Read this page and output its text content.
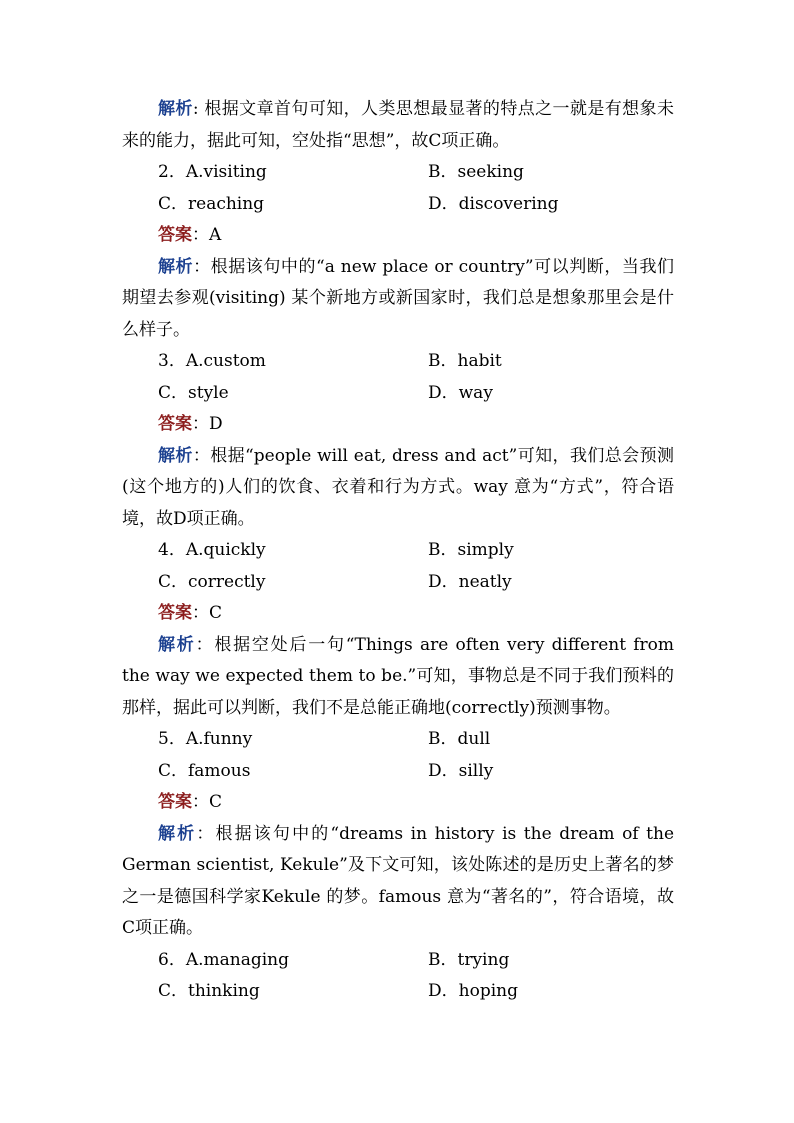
解析: 根据文章首句可知，人类思想最显著的特点之一就是有想象未来的能力，据此可知，空处指“思想”，故C项正确。
2．A.visiting	B．seeking
C．reaching	D．discovering
答案：A
解析：根据该句中的“a new place or country”可以判断，当我们期望去参观(visiting) 某个新地方或新国家时，我们总是想象那里会是什么样子。
3．A.custom	B．habit
C．style	D．way
答案：D
解析：根据“people will eat, dress and act”可知，我们总会预测(这个地方的)人们的饮食、衣着和行为方式。way 意为“方式”，符合语境，故D项正确。
4．A.quickly	B．simply
C．correctly	D．neatly
答案：C
解析：根据空处后一句“Things are often very different from the way we expected them to be.”可知，事物总是不同于我们预料的那样，据此可以判断，我们不是总能正确地(correctly)预测事物。
5．A.funny	B．dull
C．famous	D．silly
答案：C
解析：根据该句中的“dreams in history is the dream of the German scientist, Kekule”及下文可知，该处陈述的是历史上著名的梦之一是德国科学家Kekule 的梦。famous 意为“著名的”，符合语境，故C项正确。
6．A.managing	B．trying
C．thinking	D．hoping
